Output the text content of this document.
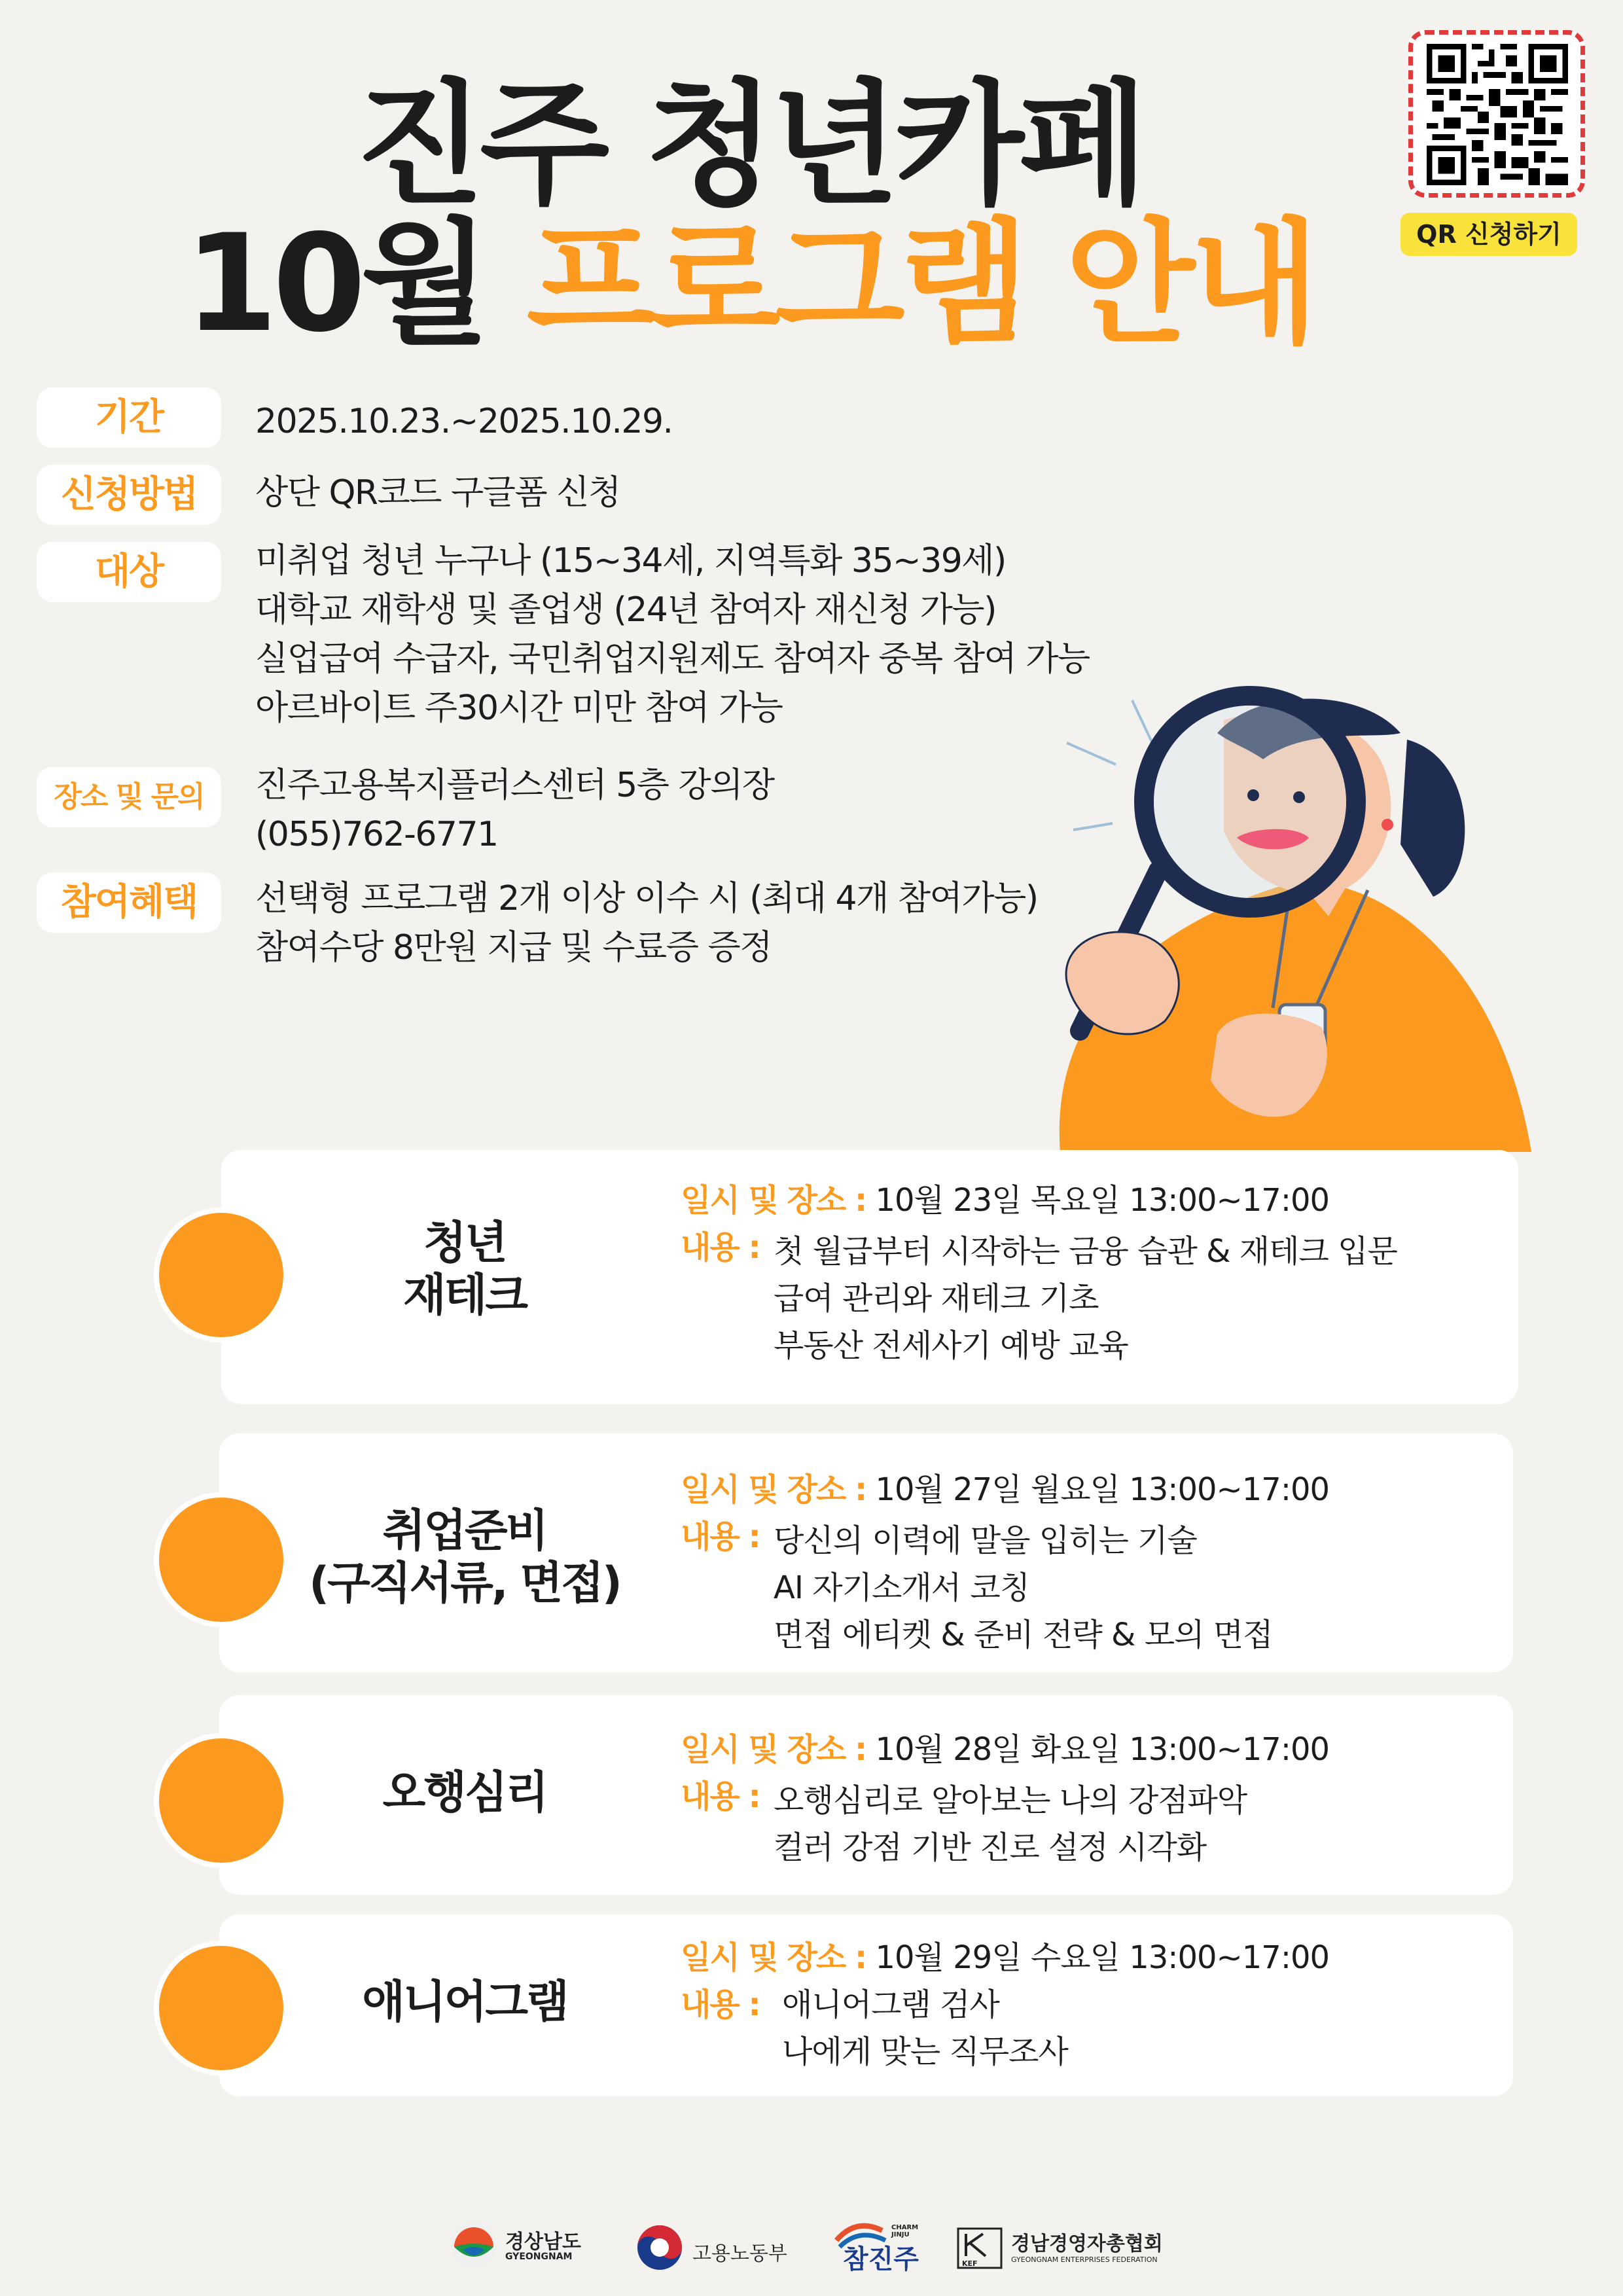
진주 청년카페
10월 프로그램 안내	QR 신청하기
기간	2025.10.23.~2025.10.29.
신청방법	상단 QR코드 구글폼 신청
대상	미취업 청년 누구나 (15~34세, 지역특화 35~39세)
대학교 재학생 및 졸업생 (24년 참여자 재신청 가능)
실업급여 수급자, 국민취업지원제도 참여자 중복 참여 가능
아르바이트 주30시간 미만 참여 가능
장소 및 문의	진주고용복지플러스센터 5층 강의장
(055)762-6771
참여혜택	선택형 프로그램 2개 이상 이수 시 (최대 4개 참여가능)
참여수당 8만원 지급 및 수료증 증정
청년
재테크
일시 및 장소 : 10월 23일 목요일 13:00~17:00
내용 : 첫 월급부터 시작하는 금융 습관 & 재테크 입문
급여 관리와 재테크 기초
부동산 전세사기 예방 교육
취업준비
(구직서류, 면접)
일시 및 장소 : 10월 27일 월요일 13:00~17:00
내용 : 당신의 이력에 말을 입히는 기술
AI 자기소개서 코칭
면접 에티켓 & 준비 전략 & 모의 면접
오행심리
일시 및 장소 : 10월 28일 화요일 13:00~17:00
내용 : 오행심리로 알아보는 나의 강점파악
컬러 강점 기반 진로 설정 시각화
애니어그램
일시 및 장소 : 10월 29일 수요일 13:00~17:00
내용 : 애니어그램 검사
나에게 맞는 직무조사
경상남도
GYEONGNAM	고용노동부 참진주
CHARM JINJU
KEF
경남경영자총협회
GYEONGNAM ENTERPRISES FEDERATION
